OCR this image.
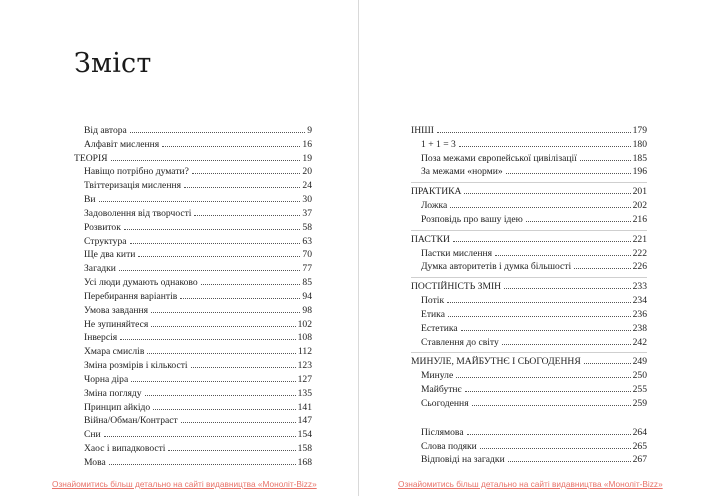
Зміст
Від автора	9
Алфавіт мислення	16
ТЕОРІЯ	19
Навіщо потрібно думати?	20
Твіттеризація мислення	24
Ви	30
Задоволення від творчості	37
Розвиток	58
Структура	63
Ще два кити	70
Загадки	77
Усі люди думають однаково	85
Перебирання варіантів	94
Умова завдання	98
Не зупиняйтеся	102
Інверсія	108
Хмара смислів	112
Зміна розмірів і кількості	123
Чорна діра	127
Зміна погляду	135
Принцип айкідо	141
Війна/Обман/Контраст	147
Сни	154
Хаос і випадковості	158
Мова	168
ІНШІ	179
1 + 1 = 3	180
Поза межами європейської цивілізації	185
За межами «норми»	196
ПРАКТИКА	201
Ложка	202
Розповідь про вашу ідею	216
ПАСТКИ	221
Пастки мислення	222
Думка авторитетів і думка більшості	226
ПОСТІЙНІСТЬ ЗМІН	233
Потік	234
Етика	236
Естетика	238
Ставлення до світу	242
МИНУЛЕ, МАЙБУТНЄ І СЬОГОДЕННЯ	249
Минуле	250
Майбутнє	255
Сьогодення	259
Післямова	264
Слова подяки	265
Відповіді на загадки	267
Ознайомитись більш детально на сайті видавництва «Моноліт-Bizz»	Ознайомитись більш детально на сайті видавництва «Моноліт-Bizz»
